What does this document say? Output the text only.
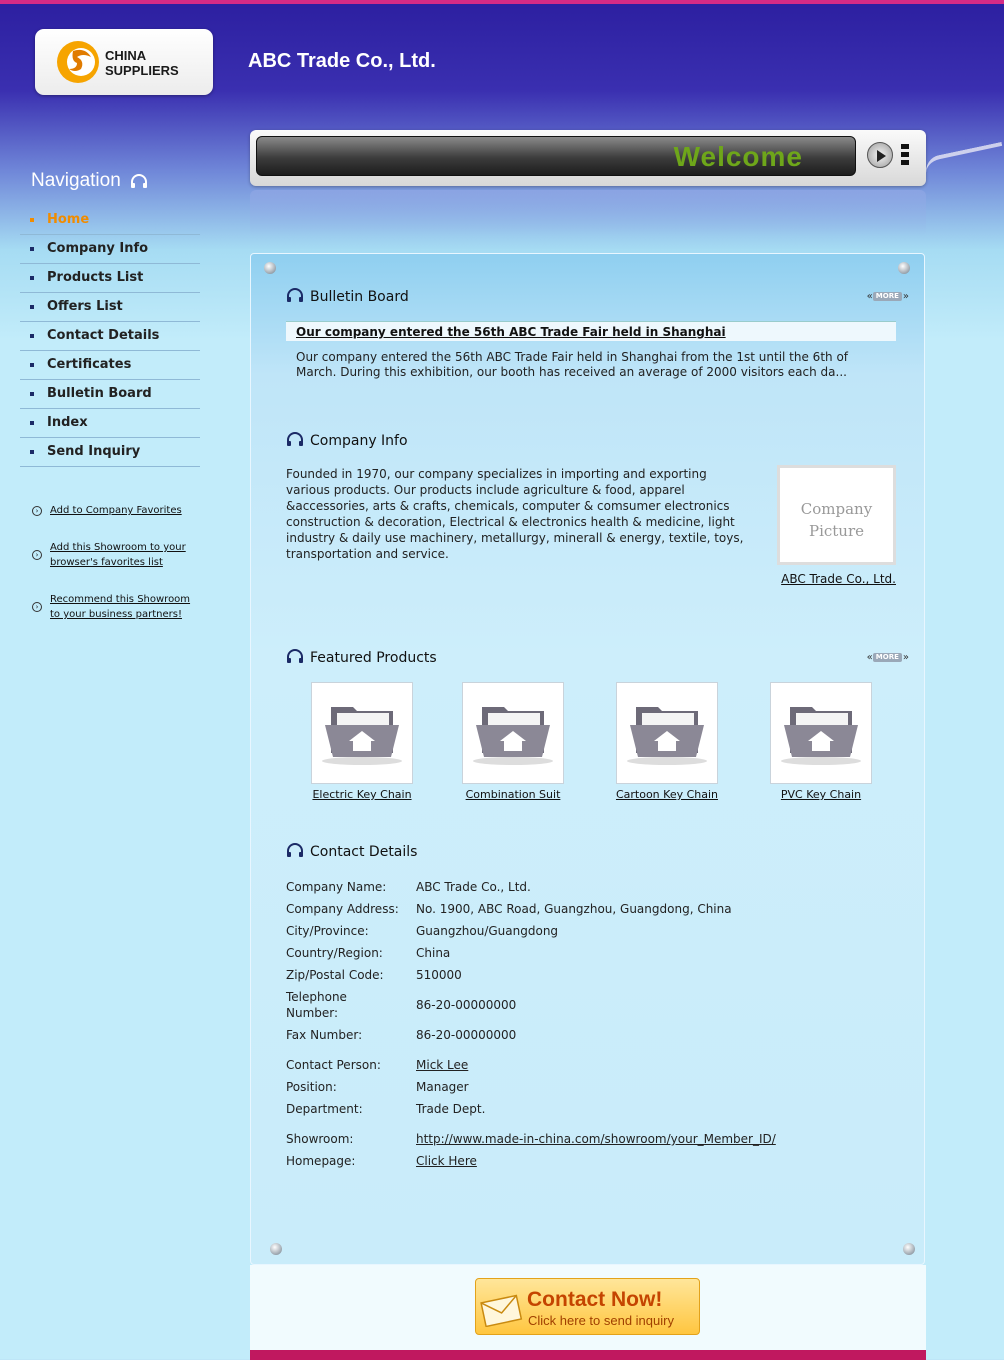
CHINA
SUPPLIERS	ABC Trade Co., Ltd.
Welcome
Navigation
Home
Company Info
Products List
Offers List
Contact Details
Certificates
Bulletin Board
Index
Send Inquiry
›	Add to Company Favorites
›
Add this Showroom to your
browser's favorites list
›
Recommend this Showroom
to your business partners!
Bulletin Board	« MORE »
Our company entered the 56th ABC Trade Fair held in Shanghai
Our company entered the 56th ABC Trade Fair held in Shanghai from the 1st until the 6th of March. During this exhibition, our booth has received an average of 2000 visitors each da...
Company Info
Founded in 1970, our company specializes in importing and exporting various products. Our products include agriculture & food, apparel &accessories, arts & crafts, chemicals, computer & comsumer electronics construction & decoration, Electrical & electronics health & medicine, light industry & daily use machinery, metallurgy, minerall & energy, textile, toys, transportation and service.
Company
Picture
ABC Trade Co., Ltd.
Featured Products	« MORE »
Electric Key Chain	Combination Suit	Cartoon Key Chain	PVC Key Chain
Contact Details
Company Name:	ABC Trade Co., Ltd.
Company Address:	No. 1900, ABC Road, Guangzhou, Guangdong, China
City/Province:	Guangzhou/Guangdong
Country/Region:	China
Zip/Postal Code:	510000
Telephone Number:
86-20-00000000
Fax Number:	86-20-00000000
Contact Person:	Mick Lee
Position:	Manager
Department:	Trade Dept.
Showroom:	http://www.made-in-china.com/showroom/your_Member_ID/
Homepage:	Click Here
Contact Now!
Click here to send inquiry
